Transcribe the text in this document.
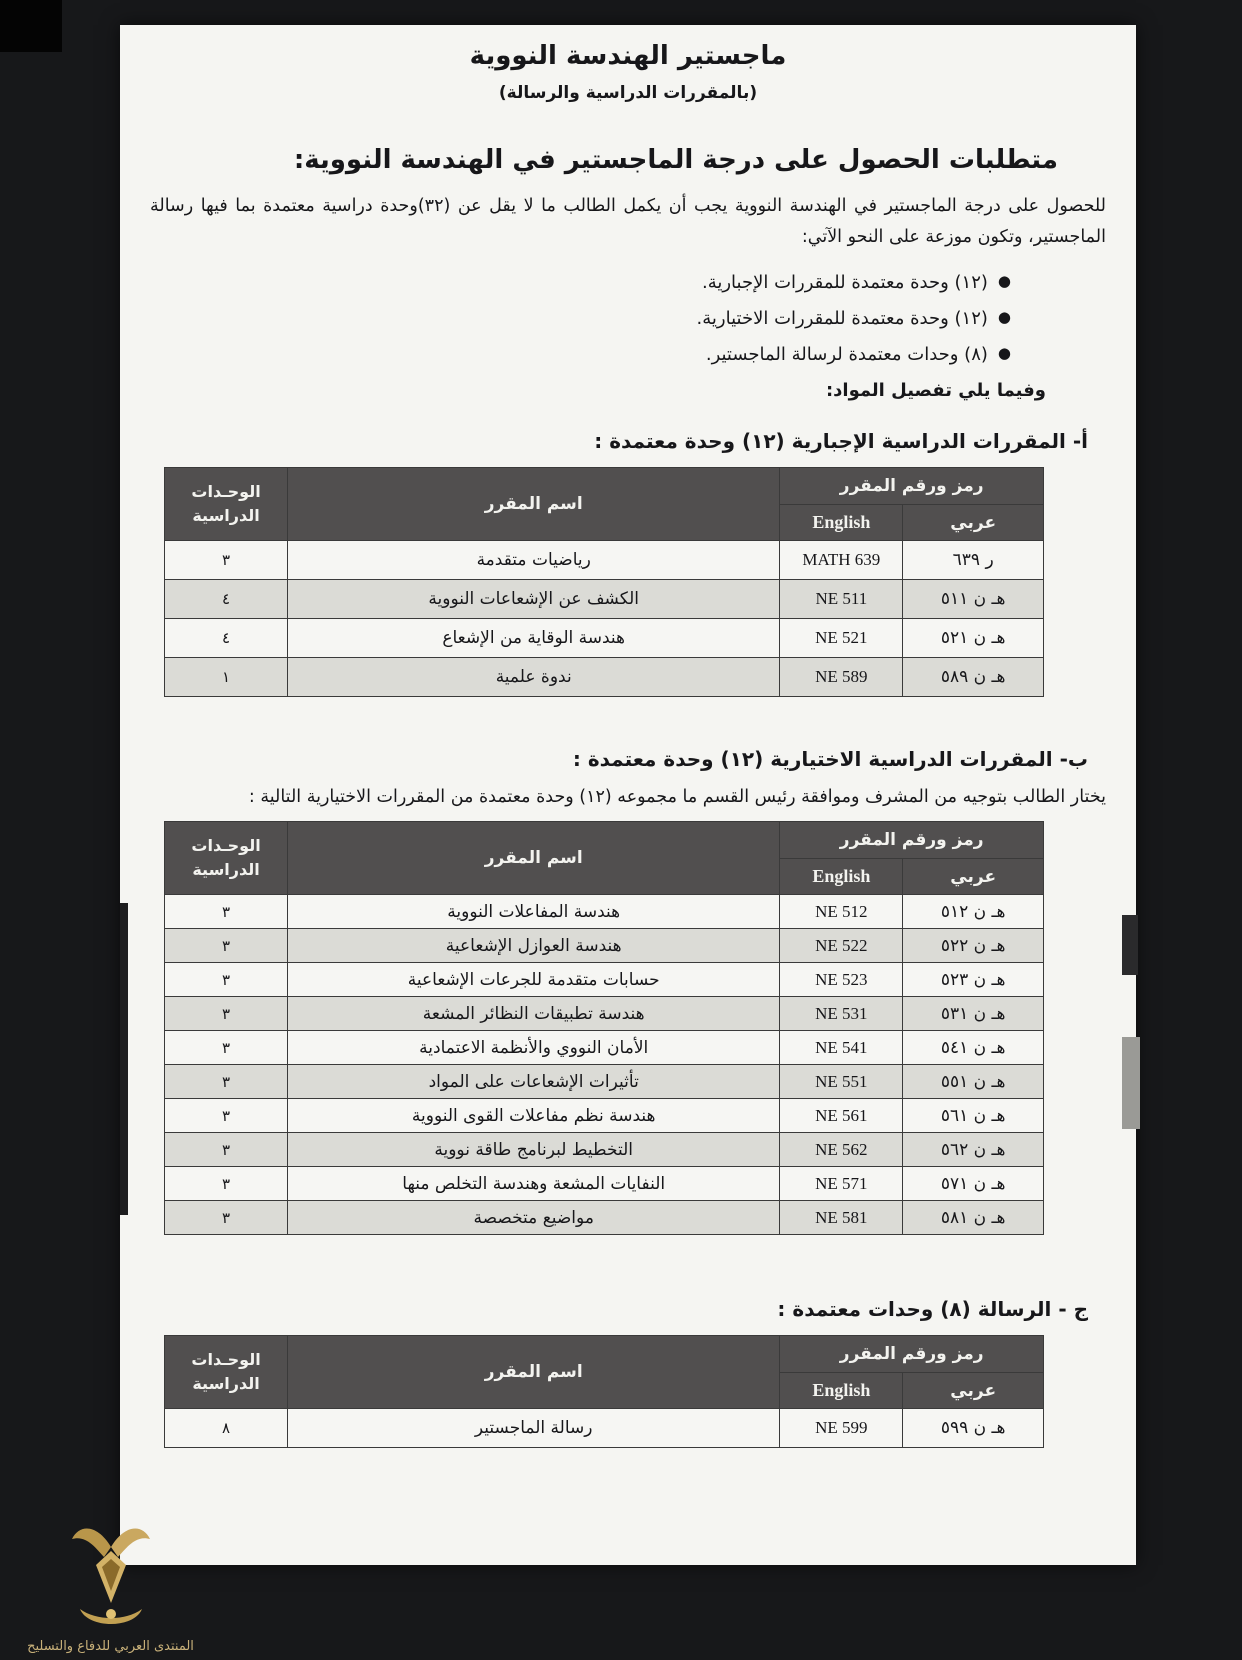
ماجستير الهندسة النووية
(بالمقررات الدراسية والرسالة)
متطلبات الحصول على درجة الماجستير في الهندسة النووية:

للحصول على درجة الماجستير في الهندسة النووية يجب أن يكمل الطالب ما لا يقل عن (٣٢)وحدة دراسية معتمدة بما فيها رسالة الماجستير، وتكون موزعة على النحو الآتي:

●(١٢) وحدة معتمدة للمقررات الإجبارية.
●(١٢) وحدة معتمدة للمقررات الاختيارية.
●(٨) وحدات معتمدة لرسالة الماجستير.
وفيما يلي تفصيل المواد:
أ- المقررات الدراسية الإجبارية (١٢) وحدة معتمدة :
رمز ورقم المقرر		اسم المقرر	الوحـدات
الدراسية
عربي	English		
ر ٦٣٩	MATH 639	رياضيات متقدمة	٣
هـ ن ٥١١	NE 511	الكشف عن الإشعاعات النووية	٤
هـ ن ٥٢١	NE 521	هندسة الوقاية من الإشعاع	٤
هـ ن ٥٨٩	NE 589	ندوة علمية	١
ب- المقررات الدراسية الاختيارية (١٢) وحدة معتمدة :

يختار الطالب بتوجيه من المشرف وموافقة رئيس القسم ما مجموعه (١٢) وحدة معتمدة من المقررات الاختيارية التالية :

رمز ورقم المقرر		اسم المقرر	الوحـدات
الدراسية
عربي	English		
هـ ن ٥١٢	NE 512	هندسة المفاعلات النووية	٣
هـ ن ٥٢٢	NE 522	هندسة العوازل الإشعاعية	٣
هـ ن ٥٢٣	NE 523	حسابات متقدمة للجرعات الإشعاعية	٣
هـ ن ٥٣١	NE 531	هندسة تطبيقات النظائر المشعة	٣
هـ ن ٥٤١	NE 541	الأمان النووي والأنظمة الاعتمادية	٣
هـ ن ٥٥١	NE 551	تأثيرات الإشعاعات على المواد	٣
هـ ن ٥٦١	NE 561	هندسة نظم مفاعلات القوى النووية	٣
هـ ن ٥٦٢	NE 562	التخطيط لبرنامج طاقة نووية	٣
هـ ن ٥٧١	NE 571	النفايات المشعة وهندسة التخلص منها	٣
هـ ن ٥٨١	NE 581	مواضيع متخصصة	٣
ج - الرسالة (٨) وحدات معتمدة :
رمز ورقم المقرر		اسم المقرر	الوحـدات
الدراسية
عربي	English		
هـ ن ٥٩٩	NE 599	رسالة الماجستير	٨
المنتدى العربي للدفاع والتسليح
